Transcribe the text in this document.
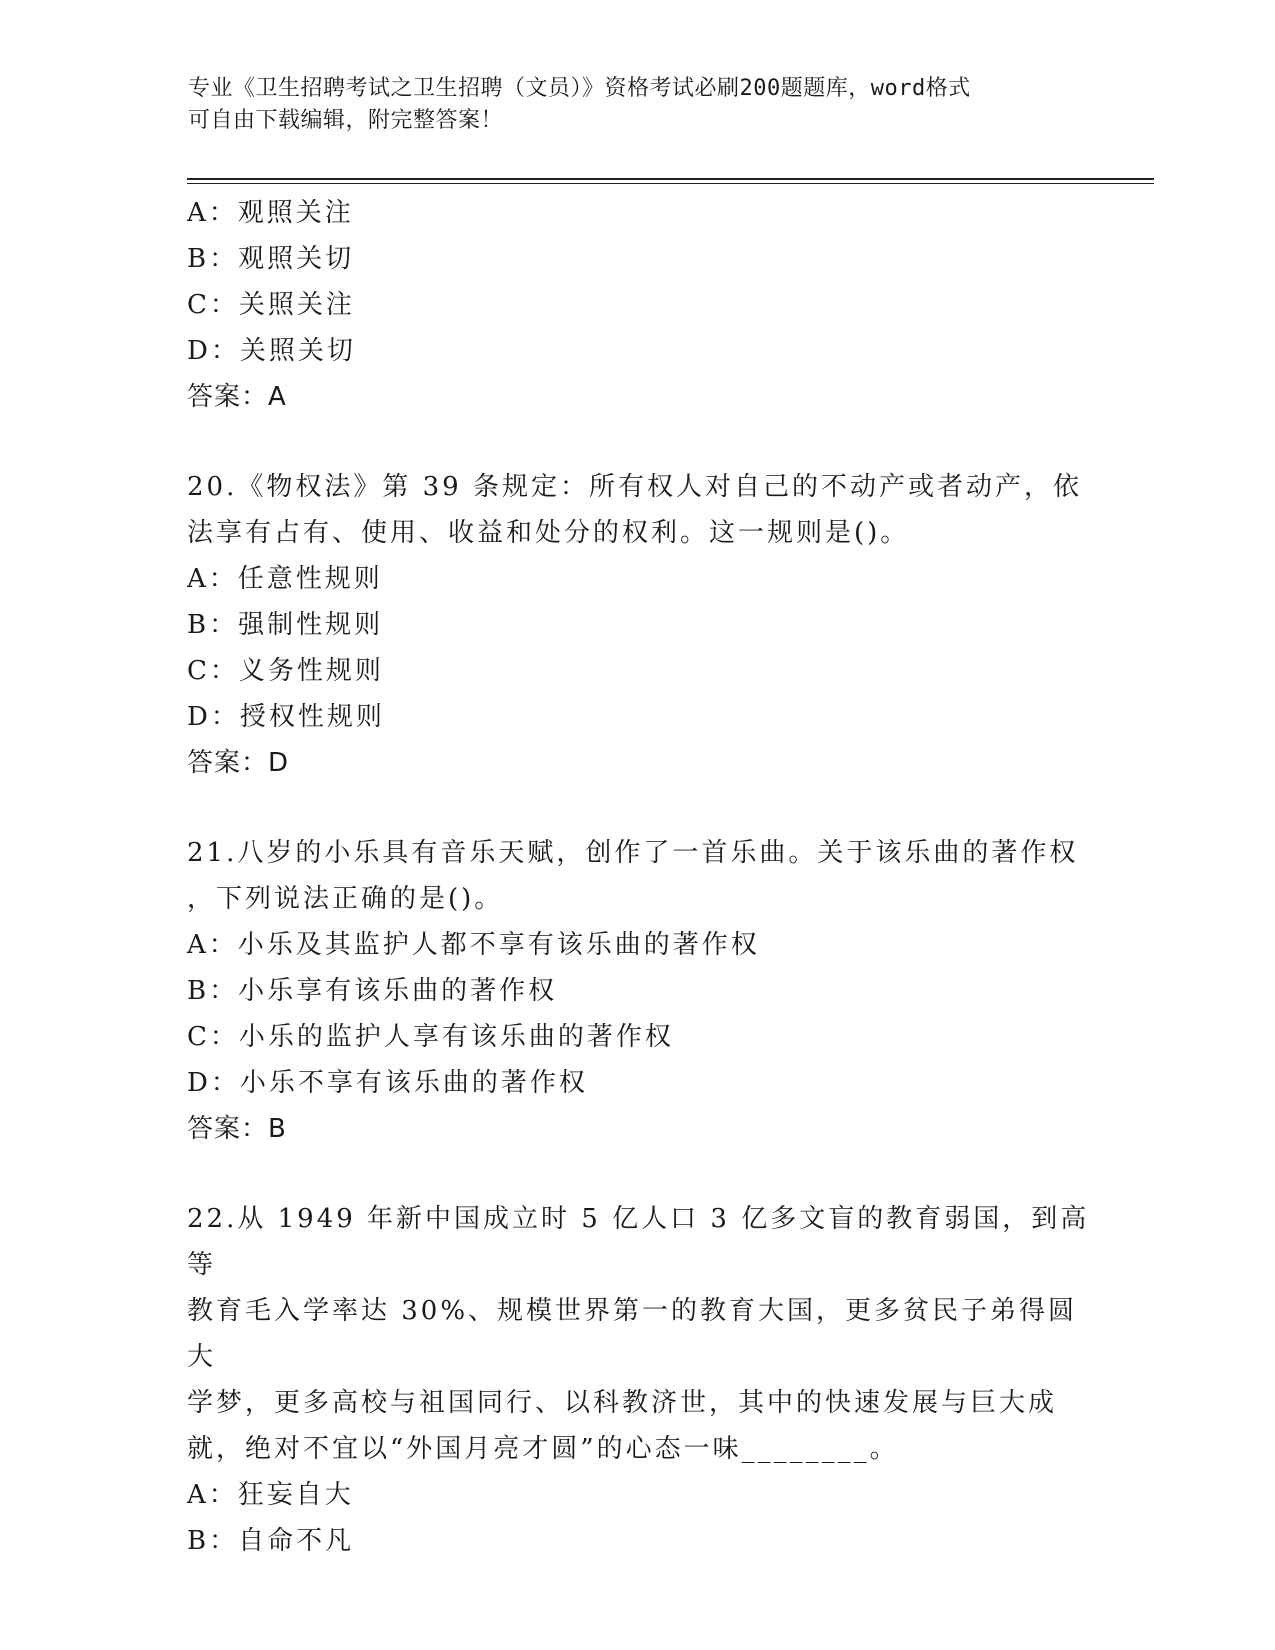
专业《卫生招聘考试之卫生招聘（文员）》资格考试必刷200题题库，word格式
可自由下载编辑，附完整答案！
A：观照关注
B：观照关切
C：关照关注
D：关照关切
答案：A
20.《物权法》第 39 条规定：所有权人对自己的不动产或者动产，依
法享有占有、使用、收益和处分的权利。这一规则是()。
A：任意性规则
B：强制性规则
C：义务性规则
D：授权性规则
答案：D
21.八岁的小乐具有音乐天赋，创作了一首乐曲。关于该乐曲的著作权
，下列说法正确的是()。
A：小乐及其监护人都不享有该乐曲的著作权
B：小乐享有该乐曲的著作权
C：小乐的监护人享有该乐曲的著作权
D：小乐不享有该乐曲的著作权
答案：B
22.从 1949 年新中国成立时 5 亿人口 3 亿多文盲的教育弱国，到高等
教育毛入学率达 30%、规模世界第一的教育大国，更多贫民子弟得圆大
学梦，更多高校与祖国同行、以科教济世，其中的快速发展与巨大成
就，绝对不宜以“外国月亮才圆”的心态一味________。
A：狂妄自大
B：自命不凡
